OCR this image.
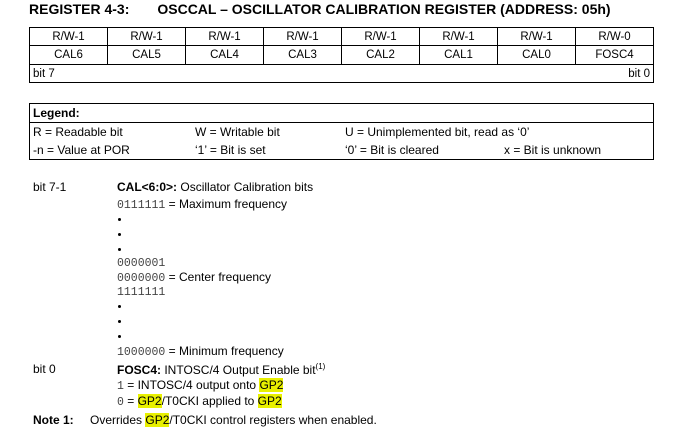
REGISTER 4-3: OSCCAL – OSCILLATOR CALIBRATION REGISTER (ADDRESS: 05h)
R/W-1	R/W-1	R/W-1	R/W-1	R/W-1	R/W-1	R/W-1	R/W-0
CAL6	CAL5	CAL4	CAL3	CAL2	CAL1	CAL0	FOSC4
bit 7	bit 0
Legend:
R = Readable bit	W = Writable bit	U = Unimplemented bit, read as ‘0’
-n = Value at POR	‘1’ = Bit is set	‘0’ = Bit is cleared	x = Bit is unknown
bit 7-1	CAL<6:0>: Oscillator Calibration bits
0111111 = Maximum frequency
0000001
0000000 = Center frequency
1111111
1000000 = Minimum frequency
bit 0	FOSC4: INTOSC/4 Output Enable bit$^{(1)}$
1 = INTOSC/4 output onto GP2
0 = GP2/T0CKI applied to GP2
Note 1: Overrides GP2/T0CKI control registers when enabled.
